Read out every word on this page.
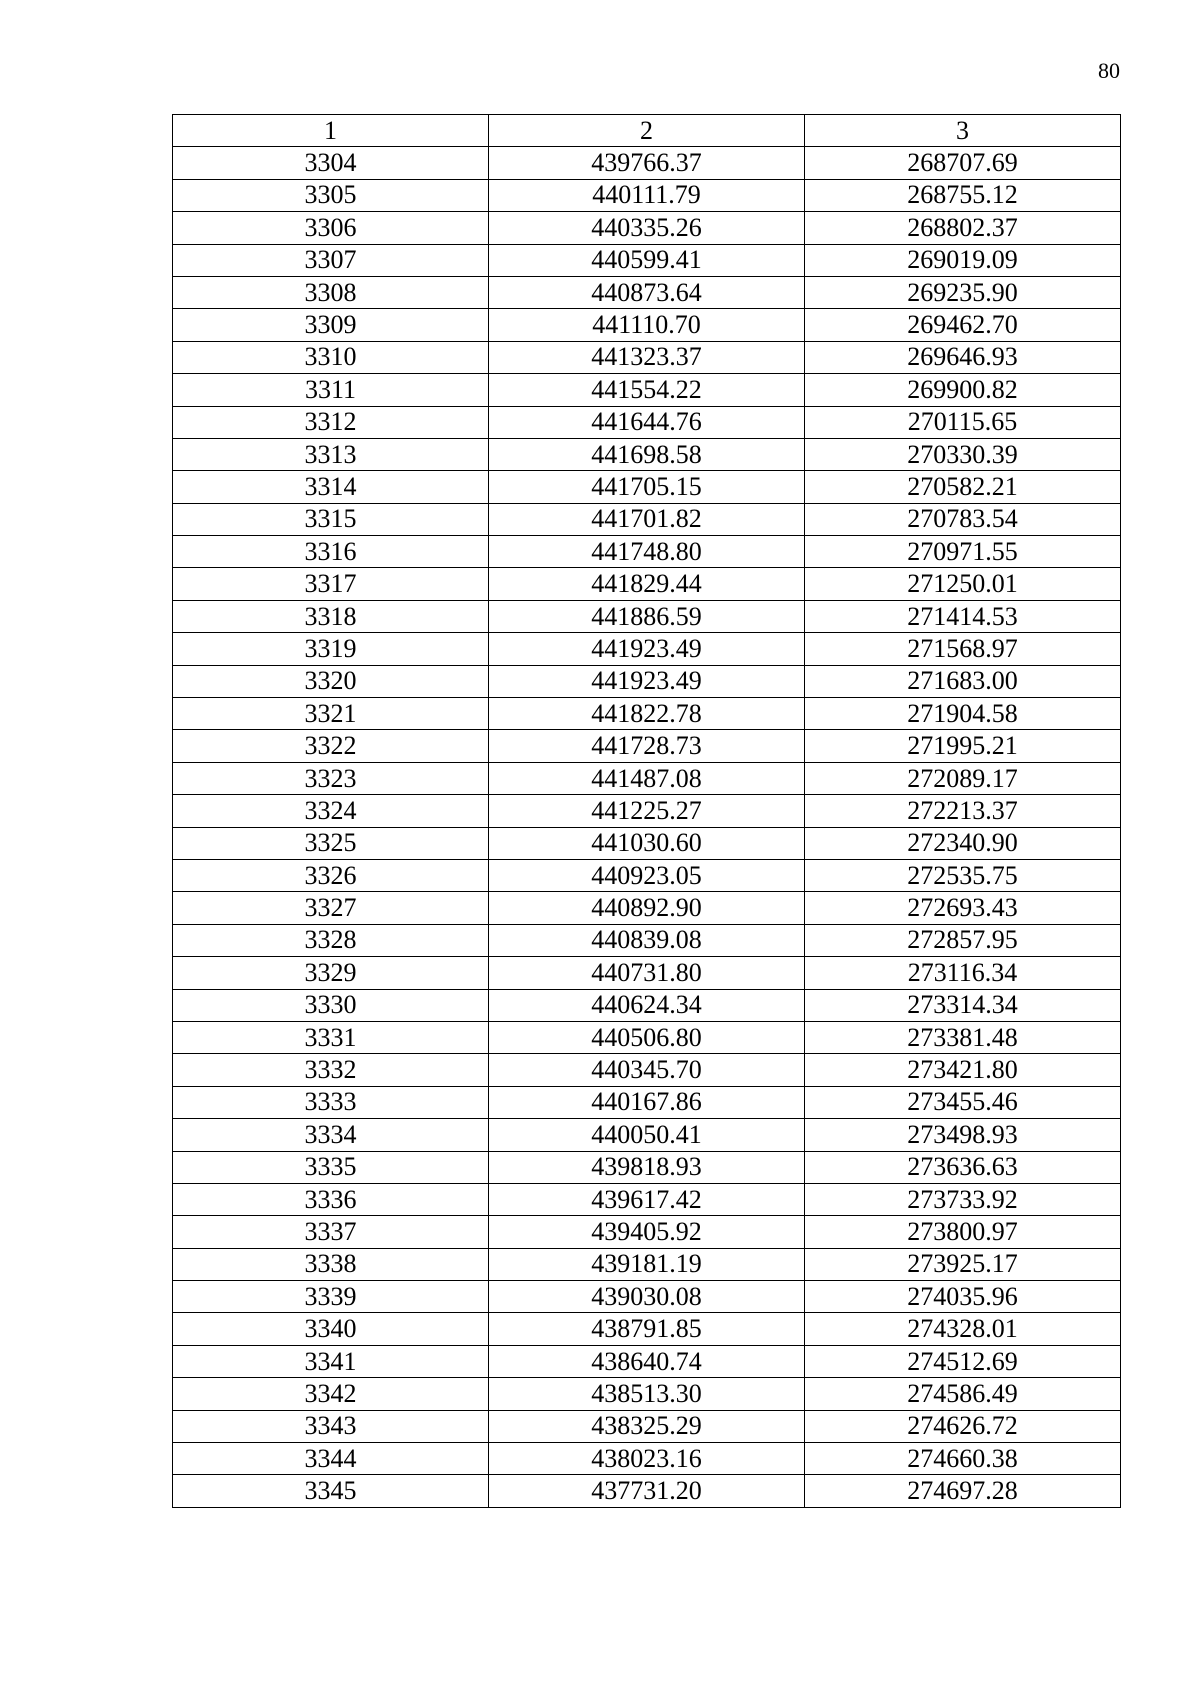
80
1	2	3
3304	439766.37	268707.69
3305	440111.79	268755.12
3306	440335.26	268802.37
3307	440599.41	269019.09
3308	440873.64	269235.90
3309	441110.70	269462.70
3310	441323.37	269646.93
3311	441554.22	269900.82
3312	441644.76	270115.65
3313	441698.58	270330.39
3314	441705.15	270582.21
3315	441701.82	270783.54
3316	441748.80	270971.55
3317	441829.44	271250.01
3318	441886.59	271414.53
3319	441923.49	271568.97
3320	441923.49	271683.00
3321	441822.78	271904.58
3322	441728.73	271995.21
3323	441487.08	272089.17
3324	441225.27	272213.37
3325	441030.60	272340.90
3326	440923.05	272535.75
3327	440892.90	272693.43
3328	440839.08	272857.95
3329	440731.80	273116.34
3330	440624.34	273314.34
3331	440506.80	273381.48
3332	440345.70	273421.80
3333	440167.86	273455.46
3334	440050.41	273498.93
3335	439818.93	273636.63
3336	439617.42	273733.92
3337	439405.92	273800.97
3338	439181.19	273925.17
3339	439030.08	274035.96
3340	438791.85	274328.01
3341	438640.74	274512.69
3342	438513.30	274586.49
3343	438325.29	274626.72
3344	438023.16	274660.38
3345	437731.20	274697.28
